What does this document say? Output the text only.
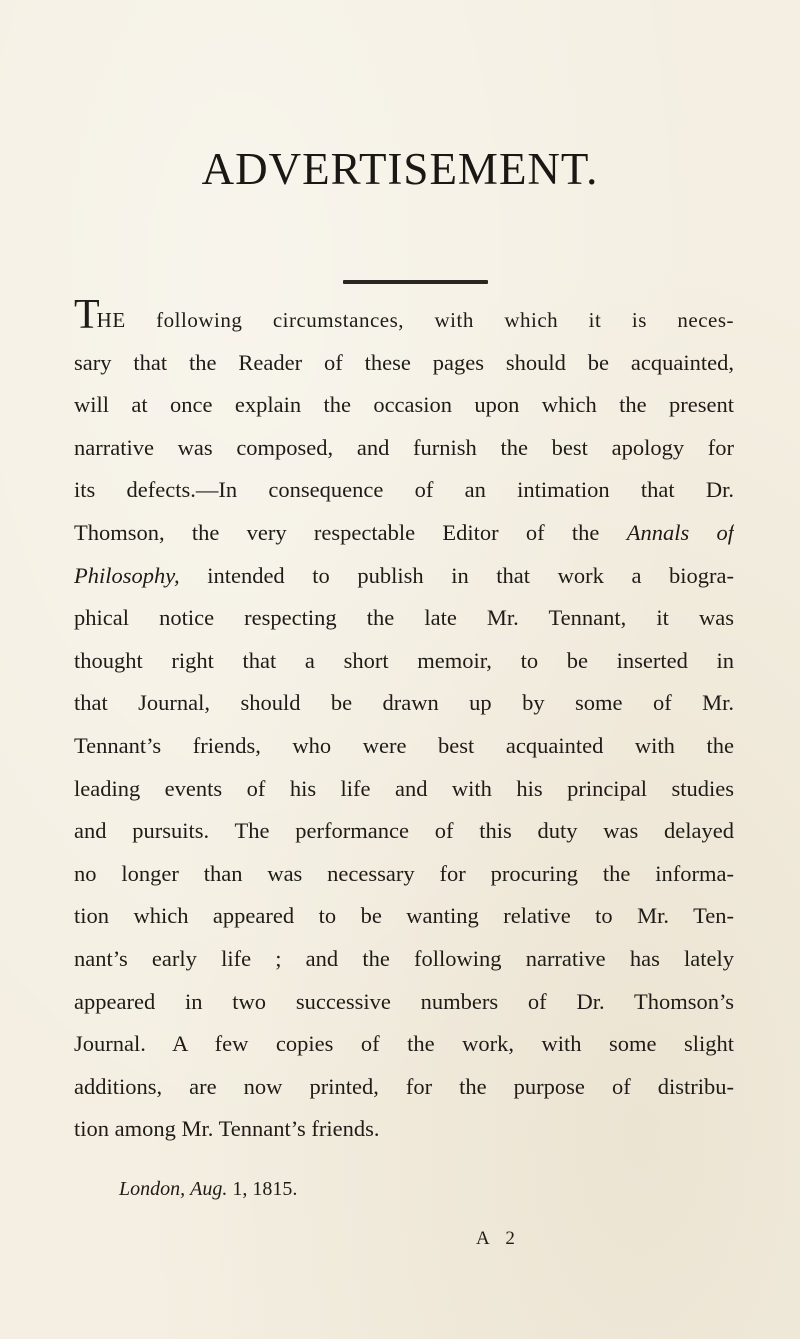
ADVERTISEMENT.
THE following circumstances, with which it is neces-
sary that the Reader of these pages should be acquainted,
will at once explain the occasion upon which the present
narrative was composed, and furnish the best apology for
its defects.—In consequence of an intimation that Dr.
Thomson, the very respectable Editor of the Annals of
Philosophy, intended to publish in that work a biogra-
phical notice respecting the late Mr. Tennant, it was
thought right that a short memoir, to be inserted in
that Journal, should be drawn up by some of Mr.
Tennant’s friends, who were best acquainted with the
leading events of his life and with his principal studies
and pursuits. The performance of this duty was delayed
no longer than was necessary for procuring the informa-
tion which appeared to be wanting relative to Mr. Ten-
nant’s early life ; and the following narrative has lately
appeared in two successive numbers of Dr. Thomson’s
Journal. A few copies of the work, with some slight
additions, are now printed, for the purpose of distribu-
tion among Mr. Tennant’s friends.
London, Aug. 1, 1815.
A 2
